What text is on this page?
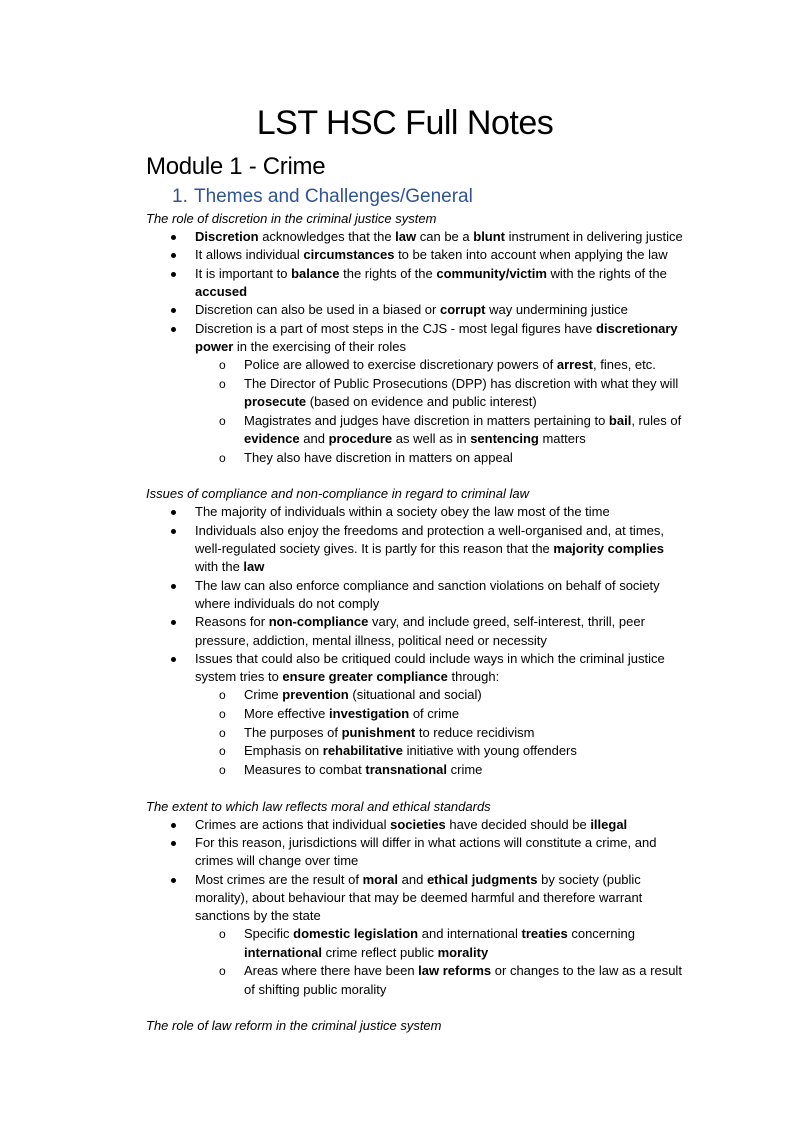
LST HSC Full Notes
Module 1 - Crime
1. Themes and Challenges/General
The role of discretion in the criminal justice system
Discretion acknowledges that the law can be a blunt instrument in delivering justice
It allows individual circumstances to be taken into account when applying the law
It is important to balance the rights of the community/victim with the rights of the
accused
Discretion can also be used in a biased or corrupt way undermining justice
Discretion is a part of most steps in the CJS - most legal figures have discretionary
power in the exercising of their roles
o Police are allowed to exercise discretionary powers of arrest, fines, etc.
o The Director of Public Prosecutions (DPP) has discretion with what they will
prosecute (based on evidence and public interest)
o Magistrates and judges have discretion in matters pertaining to bail, rules of
evidence and procedure as well as in sentencing matters
o They also have discretion in matters on appeal
Issues of compliance and non-compliance in regard to criminal law
The majority of individuals within a society obey the law most of the time
Individuals also enjoy the freedoms and protection a well-organised and, at times,
well-regulated society gives. It is partly for this reason that the majority complies
with the law
The law can also enforce compliance and sanction violations on behalf of society
where individuals do not comply
Reasons for non-compliance vary, and include greed, self-interest, thrill, peer
pressure, addiction, mental illness, political need or necessity
Issues that could also be critiqued could include ways in which the criminal justice
system tries to ensure greater compliance through:
o Crime prevention (situational and social)
o More effective investigation of crime
o The purposes of punishment to reduce recidivism
o Emphasis on rehabilitative initiative with young offenders
o Measures to combat transnational crime
The extent to which law reflects moral and ethical standards
Crimes are actions that individual societies have decided should be illegal
For this reason, jurisdictions will differ in what actions will constitute a crime, and
crimes will change over time
Most crimes are the result of moral and ethical judgments by society (public
morality), about behaviour that may be deemed harmful and therefore warrant
sanctions by the state
o Specific domestic legislation and international treaties concerning
international crime reflect public morality
o Areas where there have been law reforms or changes to the law as a result
of shifting public morality
The role of law reform in the criminal justice system
